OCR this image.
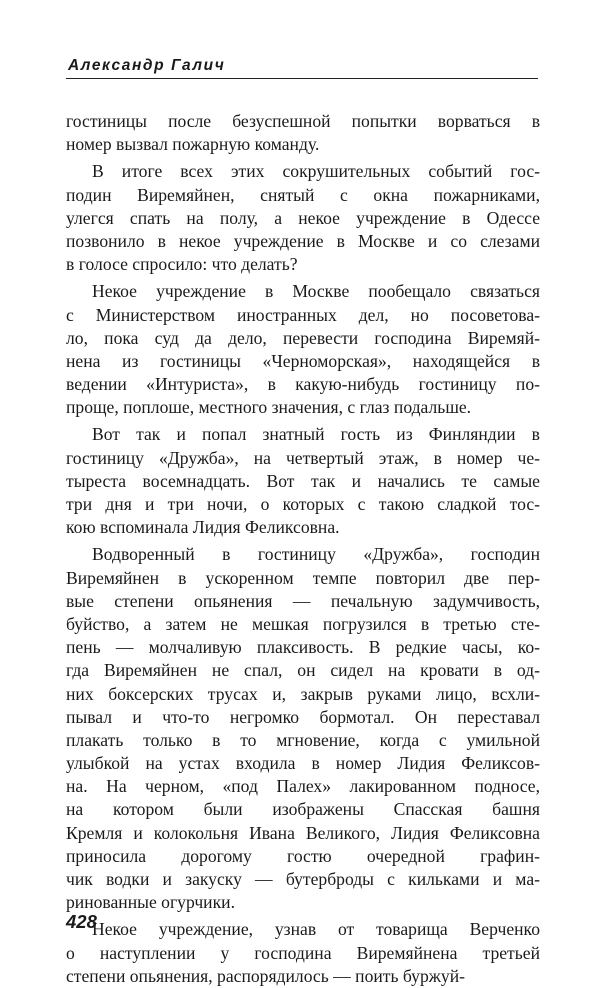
Александр Галич
гостиницы после безуспешной попытки ворваться в
номер вызвал пожарную команду.
В итоге всех этих сокрушительных событий гос-
подин Виремяйнен, снятый с окна пожарниками,
улегся спать на полу, а некое учреждение в Одессе
позвонило в некое учреждение в Москве и со слезами
в голосе спросило: что делать?
Некое учреждение в Москве пообещало связаться
с Министерством иностранных дел, но посоветова-
ло, пока суд да дело, перевести господина Виремяй-
нена из гостиницы «Черноморская», находящейся в
ведении «Интуриста», в какую-нибудь гостиницу по-
проще, поплоше, местного значения, с глаз подальше.
Вот так и попал знатный гость из Финляндии в
гостиницу «Дружба», на четвертый этаж, в номер че-
тыреста восемнадцать. Вот так и начались те самые
три дня и три ночи, о которых с такою сладкой тос-
кою вспоминала Лидия Феликсовна.
Водворенный в гостиницу «Дружба», господин
Виремяйнен в ускоренном темпе повторил две пер-
вые степени опьянения — печальную задумчивость,
буйство, а затем не мешкая погрузился в третью сте-
пень — молчаливую плаксивость. В редкие часы, ко-
гда Виремяйнен не спал, он сидел на кровати в од-
них боксерских трусах и, закрыв руками лицо, всхли-
пывал и что-то негромко бормотал. Он переставал
плакать только в то мгновение, когда с умильной
улыбкой на устах входила в номер Лидия Феликсов-
на. На черном, «под Палех» лакированном подносе,
на котором были изображены Спасская башня
Кремля и колокольня Ивана Великого, Лидия Феликсовна
приносила дорогому гостю очередной графин-
чик водки и закуску — бутерброды с кильками и ма-
ринованные огурчики.
Некое учреждение, узнав от товарища Верченко
о наступлении у господина Виремяйнена третьей
степени опьянения, распорядилось — поить буржуй-
428
